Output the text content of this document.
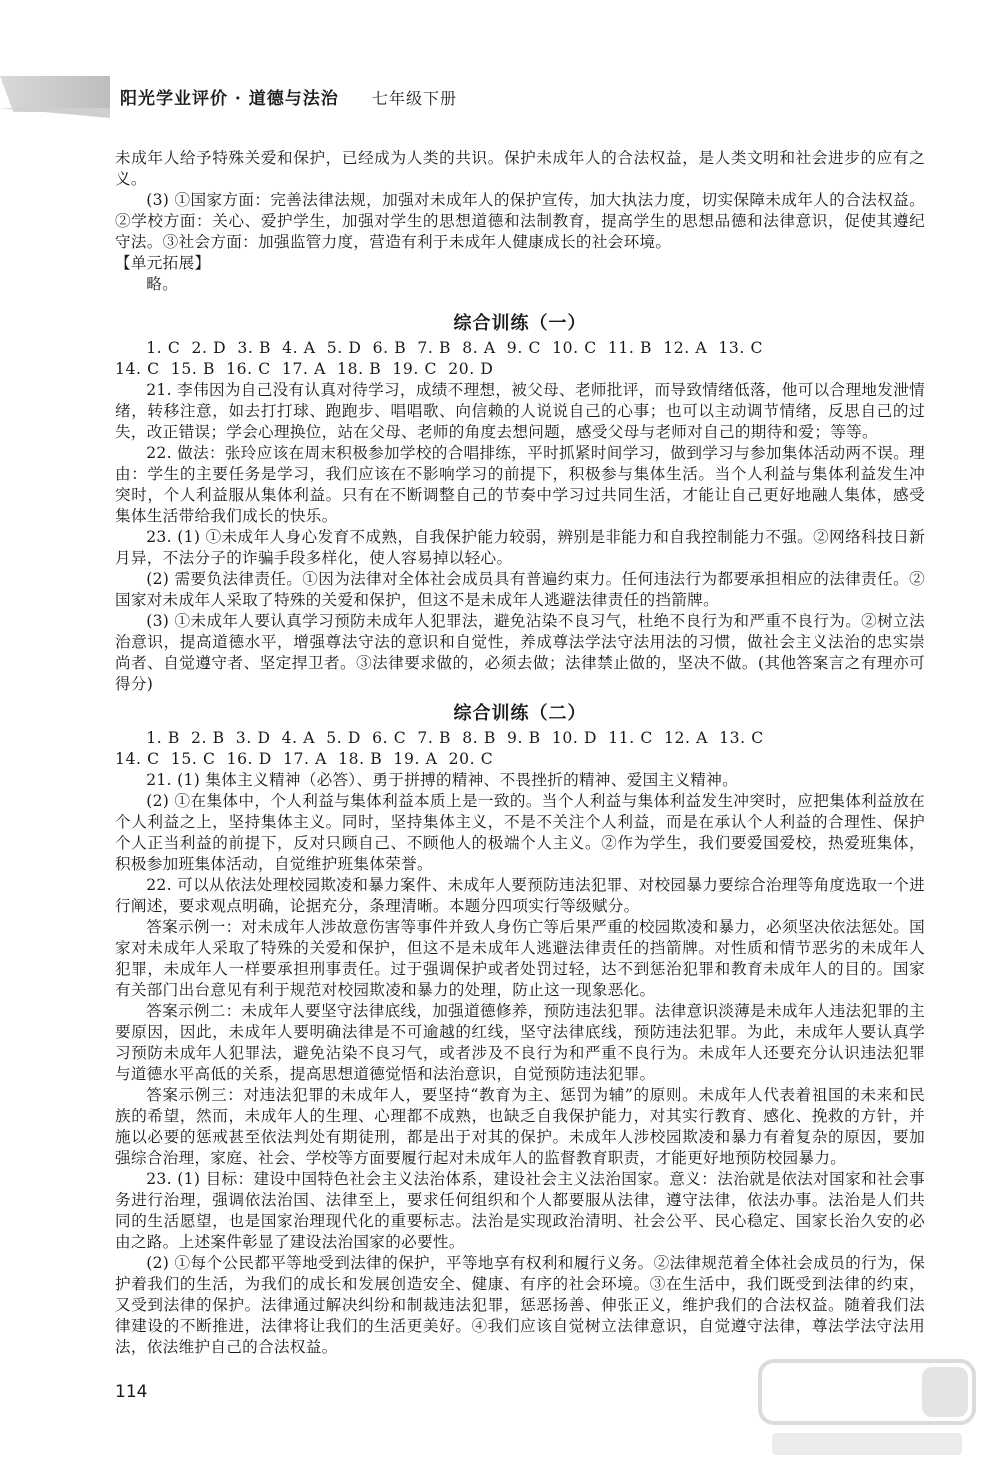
阳光学业评价 · 道德与法治 七年级下册

未成年人给予特殊关爱和保护，已经成为人类的共识。保护未成年人的合法权益，是人类文明和社会进步的应有之义。

(3) ①国家方面：完善法律法规，加强对未成年人的保护宣传，加大执法力度，切实保障未成年人的合法权益。②学校方面：关心、爱护学生，加强对学生的思想道德和法制教育，提高学生的思想品德和法律意识，促使其遵纪守法。③社会方面：加强监管力度，营造有利于未成年人健康成长的社会环境。

【单元拓展】

略。

综合训练（一）

1. C  2. D  3. B  4. A  5. D  6. B  7. B  8. A  9. C  10. C  11. B  12. A  13. C

14. C  15. B  16. C  17. A  18. B  19. C  20. D

21. 李伟因为自己没有认真对待学习，成绩不理想，被父母、老师批评，而导致情绪低落，他可以合理地发泄情绪，转移注意，如去打打球、跑跑步、唱唱歌、向信赖的人说说自己的心事；也可以主动调节情绪，反思自己的过失，改正错误；学会心理换位，站在父母、老师的角度去想问题，感受父母与老师对自己的期待和爱；等等。

22. 做法：张玲应该在周末积极参加学校的合唱排练，平时抓紧时间学习，做到学习与参加集体活动两不误。理由：学生的主要任务是学习，我们应该在不影响学习的前提下，积极参与集体生活。当个人利益与集体利益发生冲突时，个人利益服从集体利益。只有在不断调整自己的节奏中学习过共同生活，才能让自己更好地融人集体，感受集体生活带给我们成长的快乐。

23. (1) ①未成年人身心发育不成熟，自我保护能力较弱，辨别是非能力和自我控制能力不强。②网络科技日新月异，不法分子的诈骗手段多样化，使人容易掉以轻心。

(2) 需要负法律责任。①因为法律对全体社会成员具有普遍约束力。任何违法行为都要承担相应的法律责任。②国家对未成年人采取了特殊的关爱和保护，但这不是未成年人逃避法律责任的挡箭牌。

(3) ①未成年人要认真学习预防未成年人犯罪法，避免沾染不良习气，杜绝不良行为和严重不良行为。②树立法治意识，提高道德水平，增强尊法守法的意识和自觉性，养成尊法学法守法用法的习惯，做社会主义法治的忠实崇尚者、自觉遵守者、坚定捍卫者。③法律要求做的，必须去做；法律禁止做的，坚决不做。(其他答案言之有理亦可得分)

综合训练（二）

1. B  2. B  3. D  4. A  5. D  6. C  7. B  8. B  9. B  10. D  11. C  12. A  13. C

14. C  15. C  16. D  17. A  18. B  19. A  20. C

21. (1) 集体主义精神（必答）、勇于拼搏的精神、不畏挫折的精神、爱国主义精神。

(2) ①在集体中，个人利益与集体利益本质上是一致的。当个人利益与集体利益发生冲突时，应把集体利益放在个人利益之上，坚持集体主义。同时，坚持集体主义，不是不关注个人利益，而是在承认个人利益的合理性、保护个人正当利益的前提下，反对只顾自己、不顾他人的极端个人主义。②作为学生，我们要爱国爱校，热爱班集体，积极参加班集体活动，自觉维护班集体荣誉。

22. 可以从依法处理校园欺凌和暴力案件、未成年人要预防违法犯罪、对校园暴力要综合治理等角度选取一个进行阐述，要求观点明确，论据充分，条理清晰。本题分四项实行等级赋分。

答案示例一：对未成年人涉故意伤害等事件并致人身伤亡等后果严重的校园欺凌和暴力，必须坚决依法惩处。国家对未成年人采取了特殊的关爱和保护，但这不是未成年人逃避法律责任的挡箭牌。对性质和情节恶劣的未成年人犯罪，未成年人一样要承担刑事责任。过于强调保护或者处罚过轻，达不到惩治犯罪和教育未成年人的目的。国家有关部门出台意见有利于规范对校园欺凌和暴力的处理，防止这一现象恶化。

答案示例二：未成年人要坚守法律底线，加强道德修养，预防违法犯罪。法律意识淡薄是未成年人违法犯罪的主要原因，因此，未成年人要明确法律是不可逾越的红线，坚守法律底线，预防违法犯罪。为此，未成年人要认真学习预防未成年人犯罪法，避免沾染不良习气，或者涉及不良行为和严重不良行为。未成年人还要充分认识违法犯罪与道德水平高低的关系，提高思想道德觉悟和法治意识，自觉预防违法犯罪。

答案示例三：对违法犯罪的未成年人，要坚持“教育为主、惩罚为辅”的原则。未成年人代表着祖国的未来和民族的希望，然而，未成年人的生理、心理都不成熟，也缺乏自我保护能力，对其实行教育、感化、挽救的方针，并施以必要的惩戒甚至依法判处有期徒刑，都是出于对其的保护。未成年人涉校园欺凌和暴力有着复杂的原因，要加强综合治理，家庭、社会、学校等方面要履行起对未成年人的监督教育职责，才能更好地预防校园暴力。

23. (1) 目标：建设中国特色社会主义法治体系，建设社会主义法治国家。意义：法治就是依法对国家和社会事务进行治理，强调依法治国、法律至上，要求任何组织和个人都要服从法律，遵守法律，依法办事。法治是人们共同的生活愿望，也是国家治理现代化的重要标志。法治是实现政治清明、社会公平、民心稳定、国家长治久安的必由之路。上述案件彰显了建设法治国家的必要性。

(2) ①每个公民都平等地受到法律的保护，平等地享有权利和履行义务。②法律规范着全体社会成员的行为，保护着我们的生活，为我们的成长和发展创造安全、健康、有序的社会环境。③在生活中，我们既受到法律的约束，又受到法律的保护。法律通过解决纠纷和制裁违法犯罪，惩恶扬善、伸张正义，维护我们的合法权益。随着我们法律建设的不断推进，法律将让我们的生活更美好。④我们应该自觉树立法律意识，自觉遵守法律，尊法学法守法用法，依法维护自己的合法权益。

114
